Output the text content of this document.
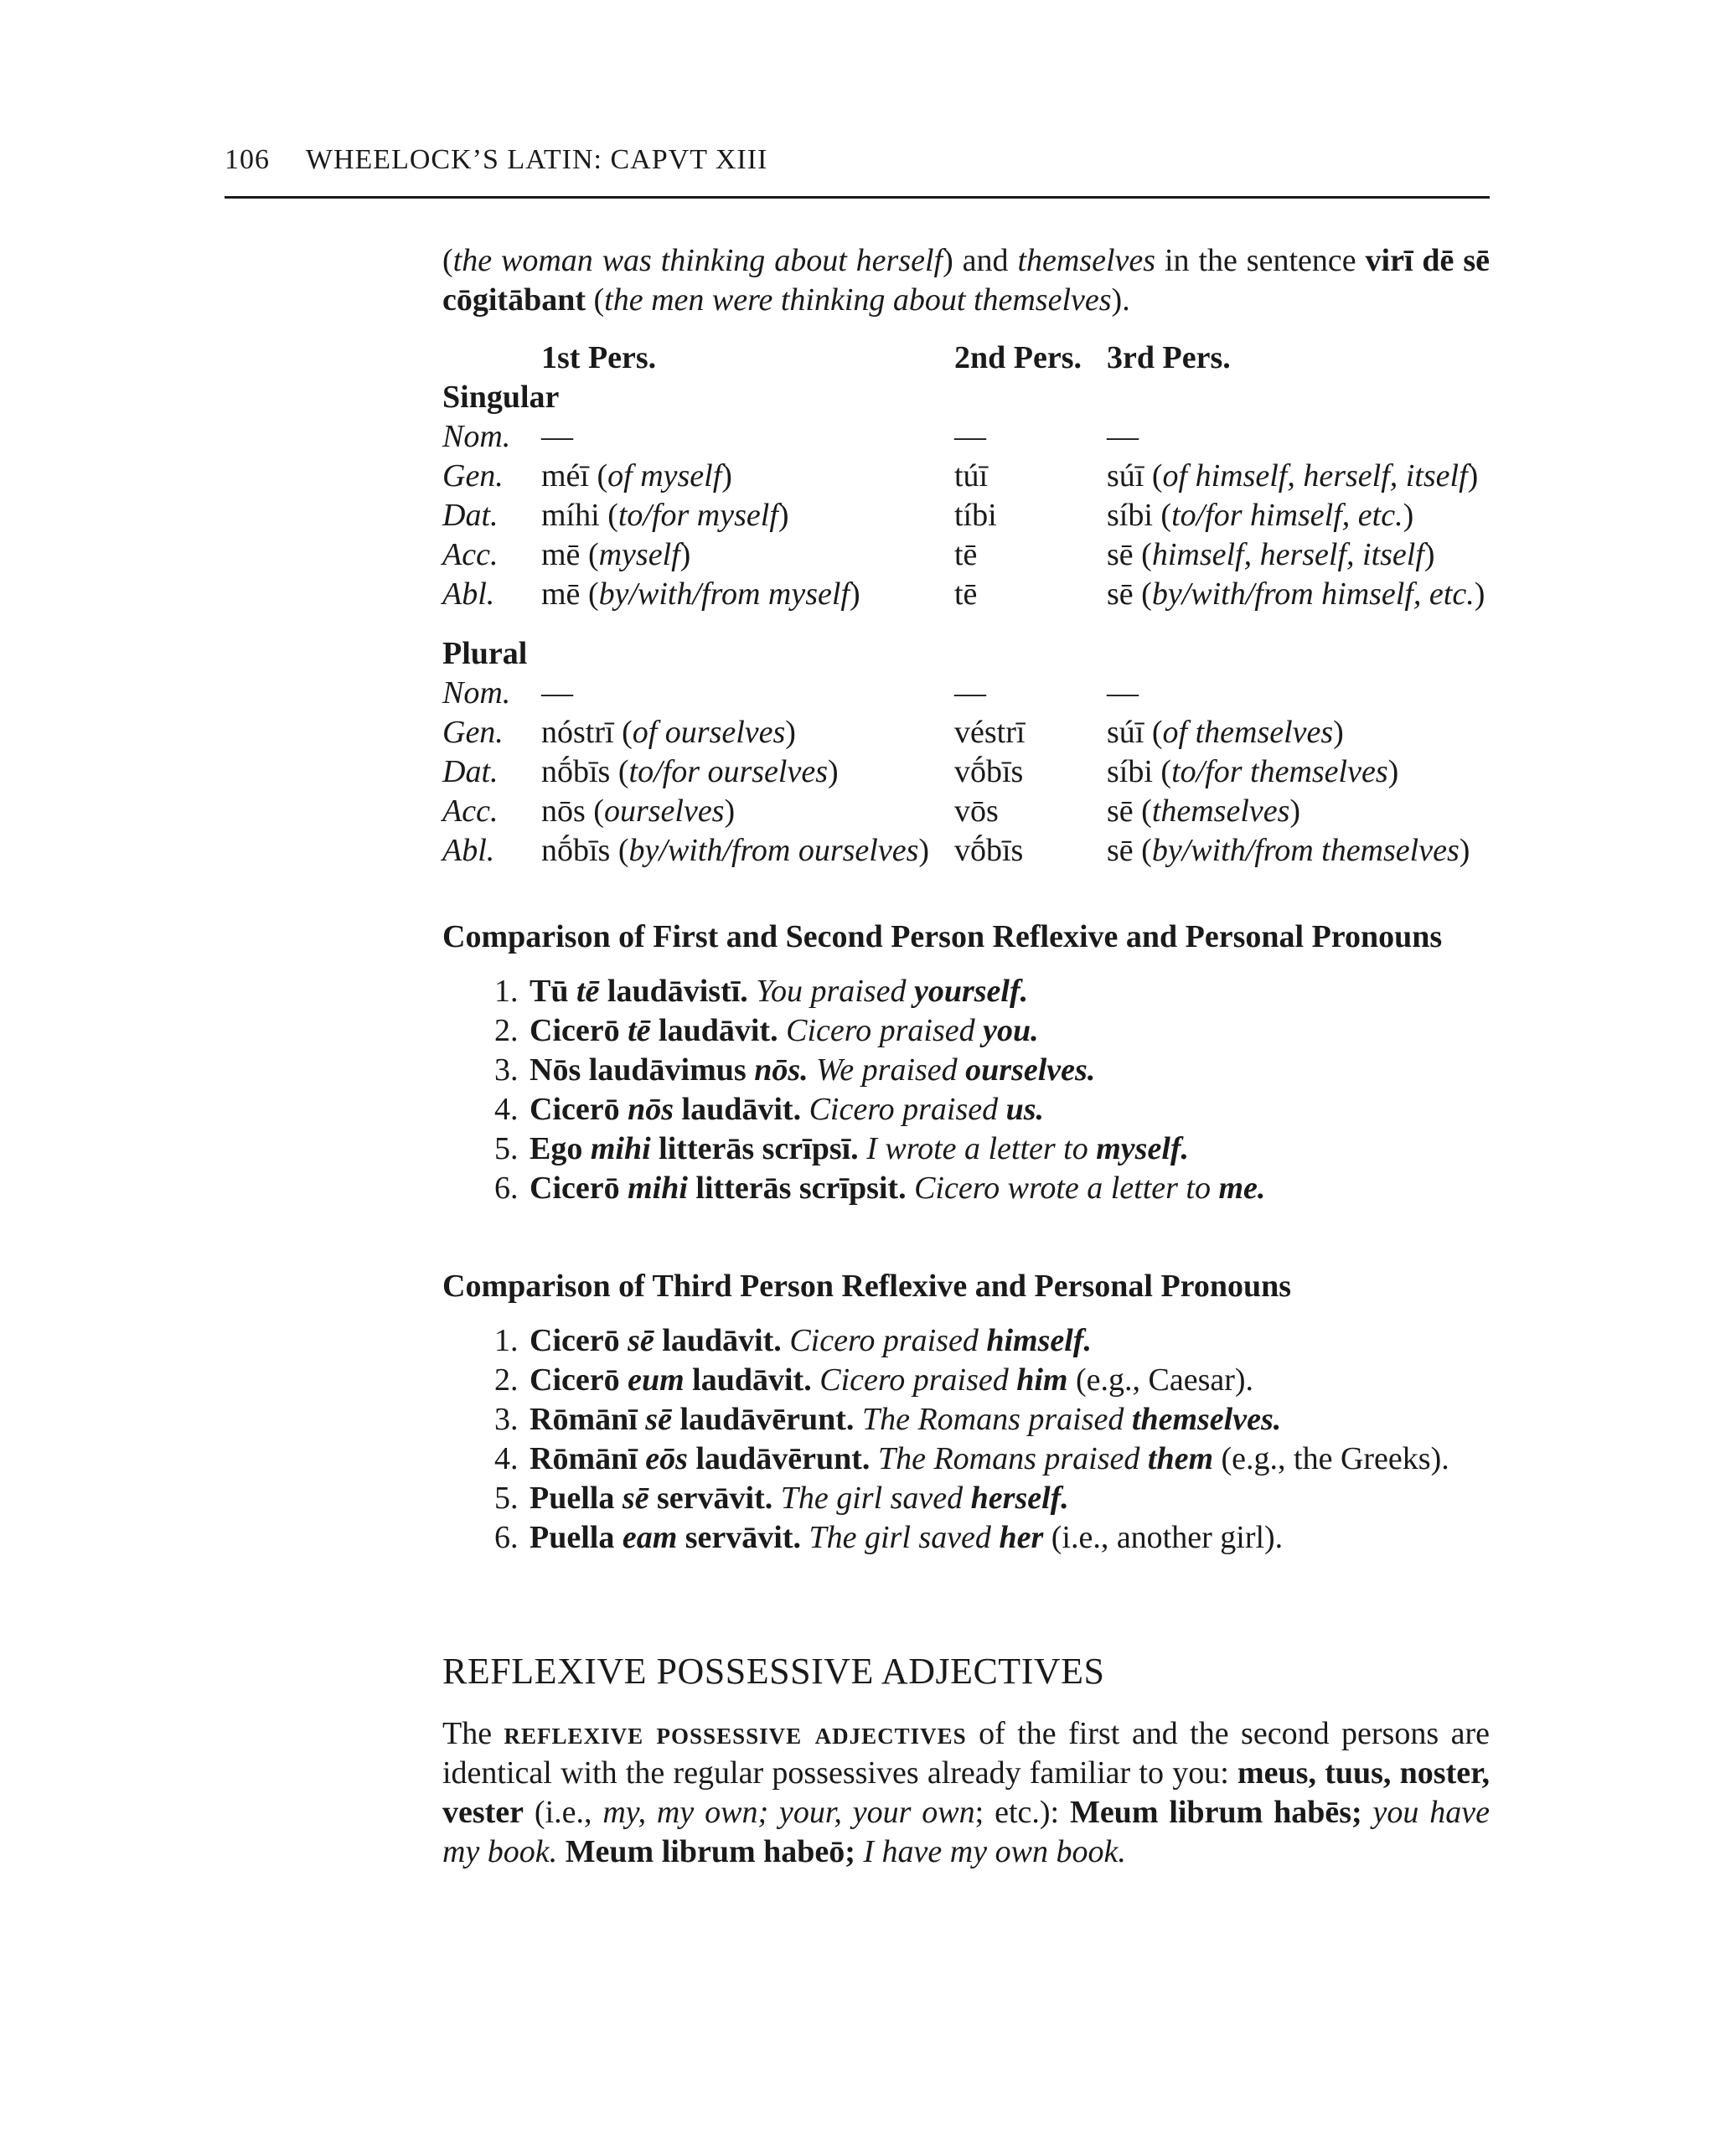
106 WHEELOCK’S LATIN: CAPVT XIII

(the woman was thinking about herself) and themselves in the sentence virī dē sē cōgitābant (the men were thinking about themselves).

	1st Pers.	2nd Pers.	3rd Pers.
Singular			
Nom.	—	—	—
Gen.	méī (of myself)	túī	súī (of himself, herself, itself)
Dat.	míhi (to/for myself)	tíbi	síbi (to/for himself, etc.)
Acc.	mē (myself)	tē	sē (himself, herself, itself)
Abl.	mē (by/with/from myself)	tē	sē (by/with/from himself, etc.)

Plural			
Nom.	—	—	—
Gen.	nóstrī (of ourselves)	véstrī	súī (of themselves)
Dat.	nṓbīs (to/for ourselves)	vṓbīs	síbi (to/for themselves)
Acc.	nōs (ourselves)	vōs	sē (themselves)
Abl.	nṓbīs (by/with/from ourselves)	vṓbīs	sē (by/with/from themselves)
Comparison of First and Second Person Reflexive and Personal Pronouns
1. Tū tē laudāvistī. You praised yourself.
2. Cicerō tē laudāvit. Cicero praised you.
3. Nōs laudāvimus nōs. We praised ourselves.
4. Cicerō nōs laudāvit. Cicero praised us.
5. Ego mihi litterās scrīpsī. I wrote a letter to myself.
6. Cicerō mihi litterās scrīpsit. Cicero wrote a letter to me.
Comparison of Third Person Reflexive and Personal Pronouns
1. Cicerō sē laudāvit. Cicero praised himself.
2. Cicerō eum laudāvit. Cicero praised him (e.g., Caesar).
3. Rōmānī sē laudāvērunt. The Romans praised themselves.
4. Rōmānī eōs laudāvērunt. The Romans praised them (e.g., the Greeks).
5. Puella sē servāvit. The girl saved herself.
6. Puella eam servāvit. The girl saved her (i.e., another girl).
REFLEXIVE POSSESSIVE ADJECTIVES

The reflexive possessive adjectives of the first and the second persons are identical with the regular possessives already familiar to you: meus, tuus, noster, vester (i.e., my, my own; your, your own; etc.): Meum librum habēs; you have my book. Meum librum habeō; I have my own book.
